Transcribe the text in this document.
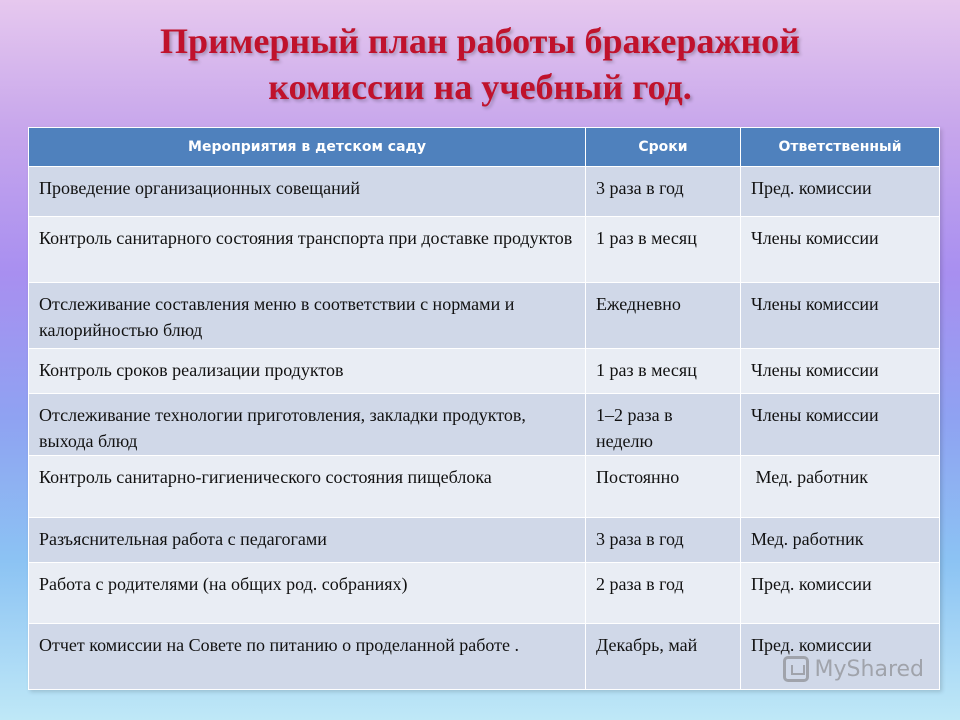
Примерный план работы бракеражной
комиссии на учебный год.
Мероприятия в детском саду	Сроки	Ответственный
Проведение организационных совещаний	3 раза в год	Пред. комиссии
Контроль санитарного состояния транспорта при доставке продуктов	1 раз в месяц	Члены комиссии
Отслеживание составления меню в соответствии с нормами и калорийностью блюд	Ежедневно	Члены комиссии
Контроль сроков реализации продуктов	1 раз в месяц	Члены комиссии
Отслеживание технологии приготовления, закладки продуктов, выхода блюд	1–2 раза в неделю	Члены комиссии
Контроль санитарно-гигиенического состояния пищеблока	Постоянно	Мед. работник
Разъяснительная работа с педагогами	3 раза в год	Мед. работник
Работа с родителями (на общих род. собраниях)	2 раза в год	Пред. комиссии
Отчет комиссии на Совете по питанию о проделанной работе .	Декабрь, май	Пред. комиссии
MyShared
